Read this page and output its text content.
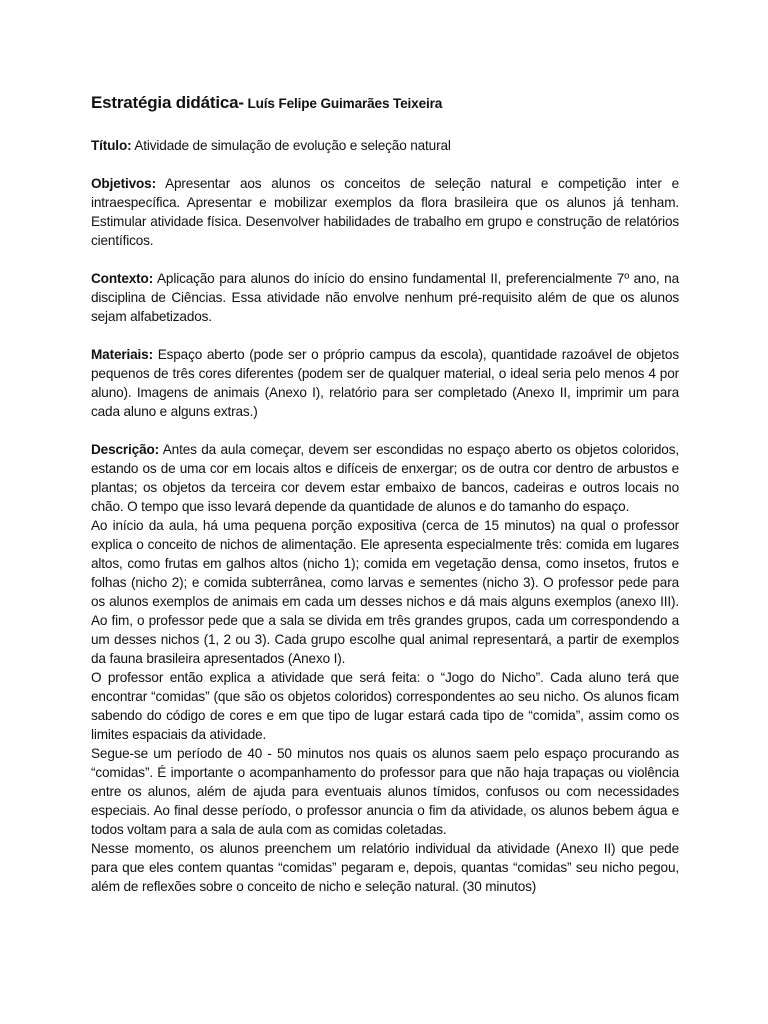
Estratégia didática- Luís Felipe Guimarães Teixeira

Título: Atividade de simulação de evolução e seleção natural

Objetivos: Apresentar aos alunos os conceitos de seleção natural e competição inter e intraespecífica. Apresentar e mobilizar exemplos da flora brasileira que os alunos já tenham. Estimular atividade física. Desenvolver habilidades de trabalho em grupo e construção de relatórios científicos.

Contexto: Aplicação para alunos do início do ensino fundamental II, preferencialmente 7º ano, na disciplina de Ciências. Essa atividade não envolve nenhum pré-requisito além de que os alunos sejam alfabetizados.

Materiais: Espaço aberto (pode ser o próprio campus da escola), quantidade razoável de objetos pequenos de três cores diferentes (podem ser de qualquer material, o ideal seria pelo menos 4 por aluno). Imagens de animais (Anexo I), relatório para ser completado (Anexo II, imprimir um para cada aluno e alguns extras.)

Descrição: Antes da aula começar, devem ser escondidas no espaço aberto os objetos coloridos, estando os de uma cor em locais altos e difíceis de enxergar; os de outra cor dentro de arbustos e plantas; os objetos da terceira cor devem estar embaixo de bancos, cadeiras e outros locais no chão. O tempo que isso levará depende da quantidade de alunos e do tamanho do espaço.

Ao início da aula, há uma pequena porção expositiva (cerca de 15 minutos) na qual o professor explica o conceito de nichos de alimentação. Ele apresenta especialmente três: comida em lugares altos, como frutas em galhos altos (nicho 1); comida em vegetação densa, como insetos, frutos e folhas (nicho 2); e comida subterrânea, como larvas e sementes (nicho 3). O professor pede para os alunos exemplos de animais em cada um desses nichos e dá mais alguns exemplos (anexo III). Ao fim, o professor pede que a sala se divida em três grandes grupos, cada um correspondendo a um desses nichos (1, 2 ou 3). Cada grupo escolhe qual animal representará, a partir de exemplos da fauna brasileira apresentados (Anexo I).

O professor então explica a atividade que será feita: o “Jogo do Nicho”. Cada aluno terá que encontrar “comidas” (que são os objetos coloridos) correspondentes ao seu nicho. Os alunos ficam sabendo do código de cores e em que tipo de lugar estará cada tipo de “comida”, assim como os limites espaciais da atividade.

Segue-se um período de 40 - 50 minutos nos quais os alunos saem pelo espaço procurando as “comidas”. É importante o acompanhamento do professor para que não haja trapaças ou violência entre os alunos, além de ajuda para eventuais alunos tímidos, confusos ou com necessidades especiais. Ao final desse período, o professor anuncia o fim da atividade, os alunos bebem água e todos voltam para a sala de aula com as comidas coletadas.

Nesse momento, os alunos preenchem um relatório individual da atividade (Anexo II) que pede para que eles contem quantas “comidas” pegaram e, depois, quantas “comidas” seu nicho pegou, além de reflexões sobre o conceito de nicho e seleção natural. (30 minutos)
